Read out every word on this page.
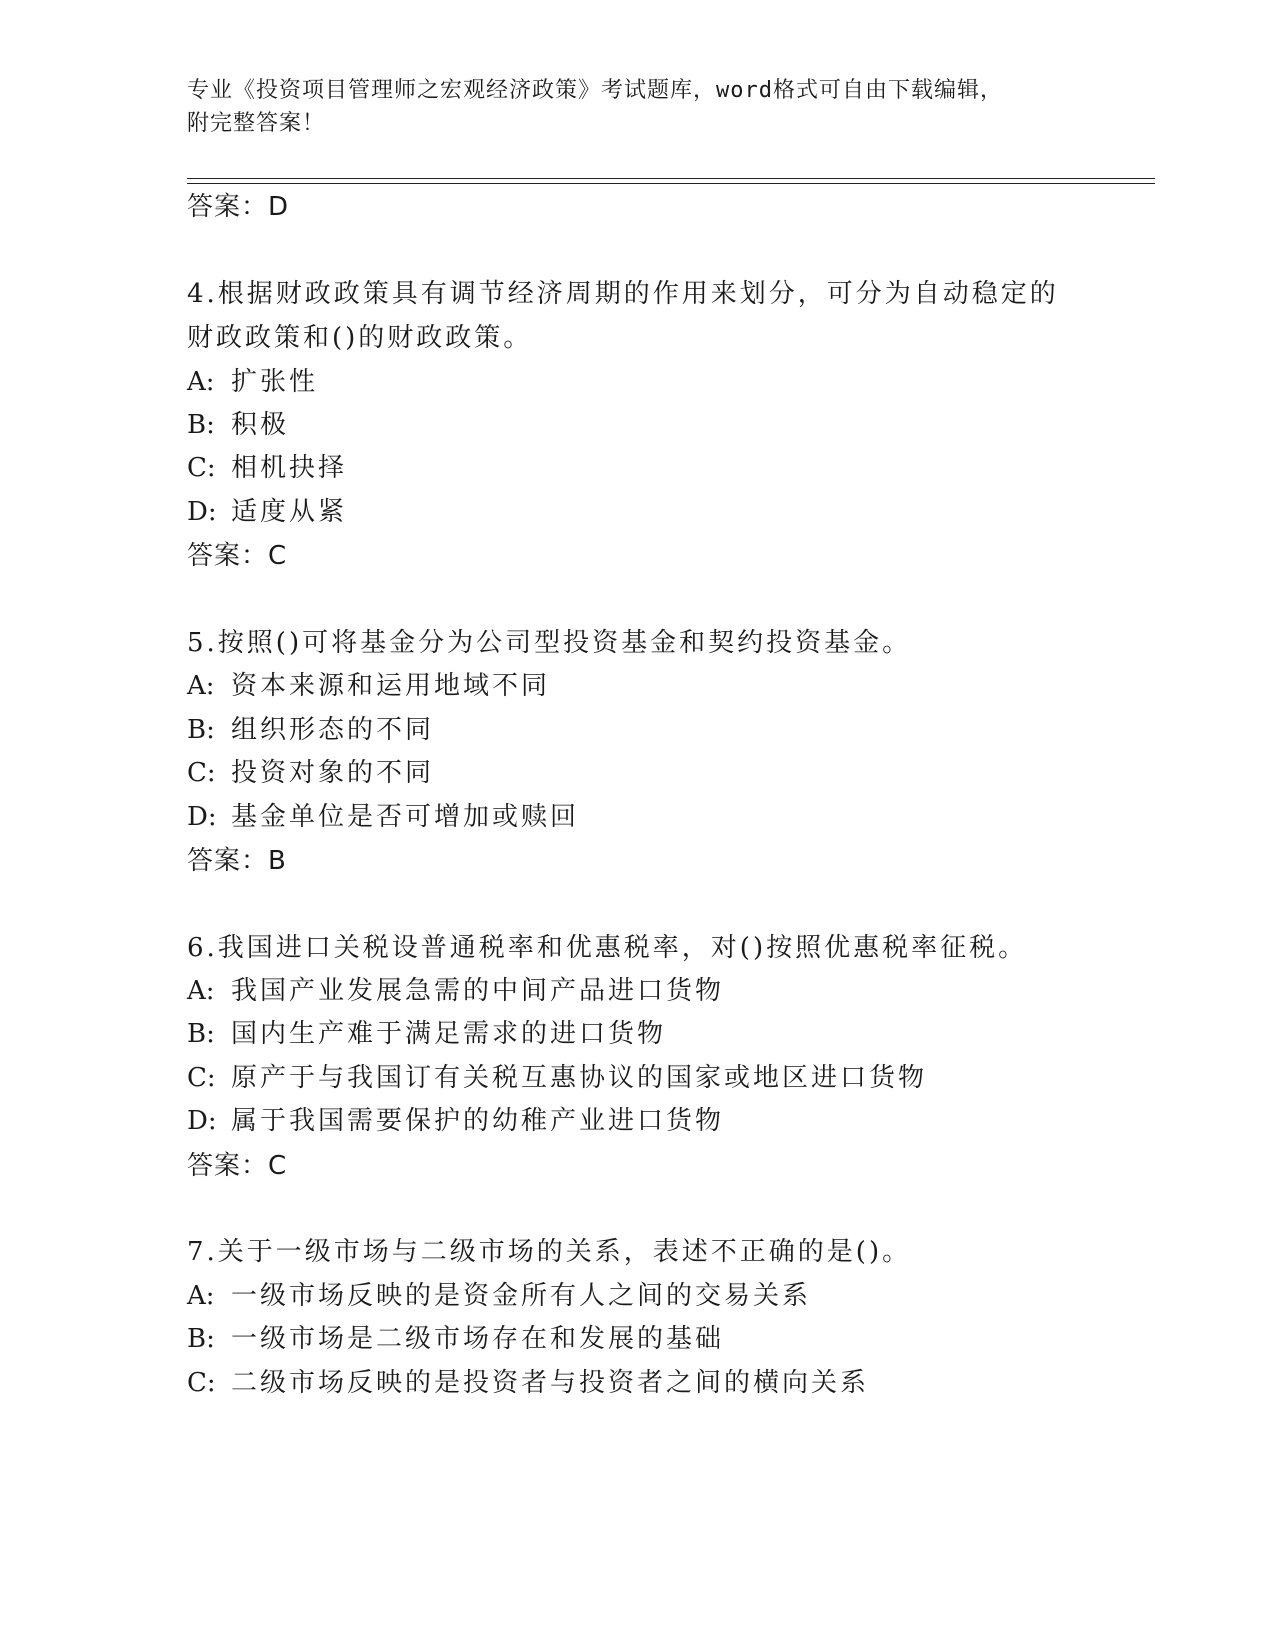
专业《投资项目管理师之宏观经济政策》考试题库，word格式可自由下载编辑，
附完整答案！
答案：D
4.根据财政政策具有调节经济周期的作用来划分，可分为自动稳定的
财政政策和()的财政政策。
A: 扩张性
B: 积极
C: 相机抉择
D: 适度从紧
答案：C
5.按照()可将基金分为公司型投资基金和契约投资基金。
A: 资本来源和运用地域不同
B: 组织形态的不同
C: 投资对象的不同
D: 基金单位是否可增加或赎回
答案：B
6.我国进口关税设普通税率和优惠税率，对()按照优惠税率征税。
A: 我国产业发展急需的中间产品进口货物
B: 国内生产难于满足需求的进口货物
C: 原产于与我国订有关税互惠协议的国家或地区进口货物
D: 属于我国需要保护的幼稚产业进口货物
答案：C
7.关于一级市场与二级市场的关系，表述不正确的是()。
A: 一级市场反映的是资金所有人之间的交易关系
B: 一级市场是二级市场存在和发展的基础
C: 二级市场反映的是投资者与投资者之间的横向关系
